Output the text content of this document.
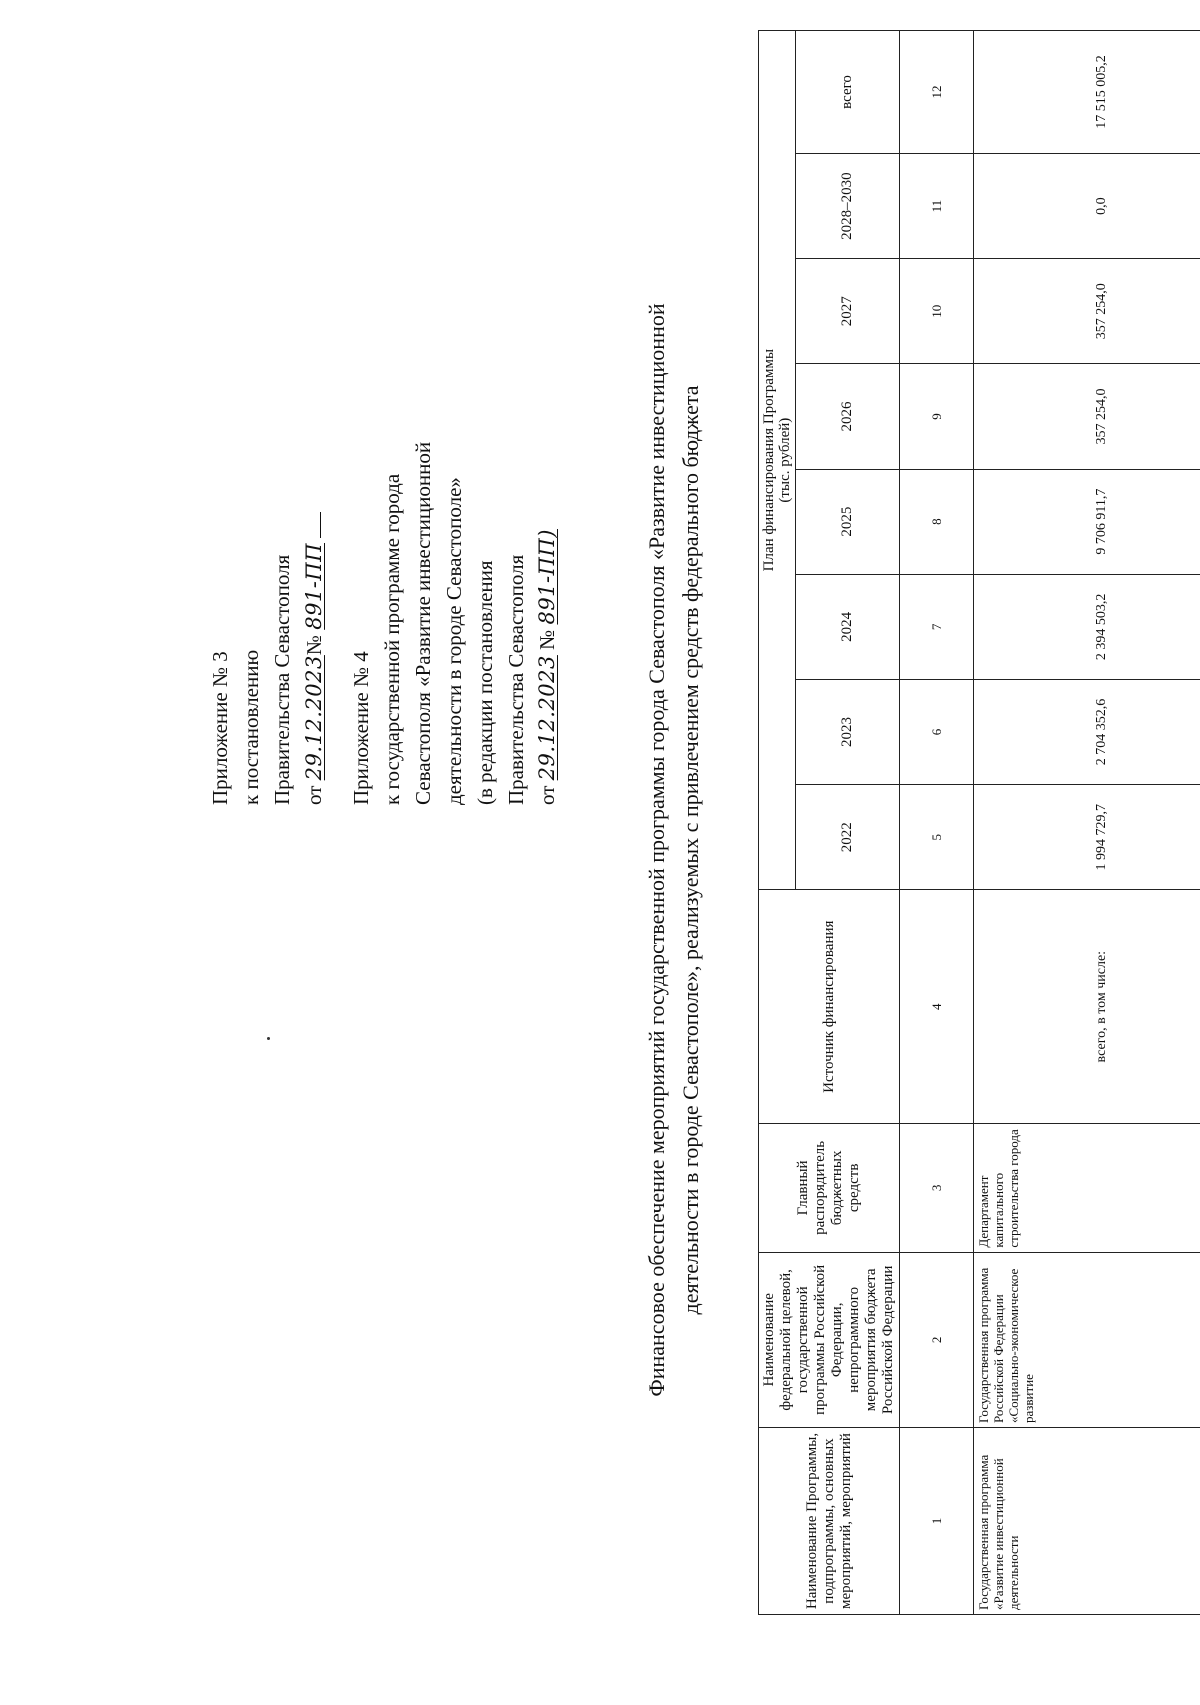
Приложение № 3 к постановлению Правительства Севастополя от 29.12.2023№ 891-ПП
Приложение № 4 к государственной программе города Севастополя «Развитие инвестиционной деятельности в городе Севастополе» (в редакции постановления Правительства Севастополя от 29.12.2023 № 891-ПП)	Финансовое обеспечение мероприятий государственной программы города Севастополя «Развитие инвестиционной деятельности в городе Севастополе», реализуемых с привлечением средств федерального бюджета
Наименование Программы, подпрограммы, основных мероприятий, мероприятий	Наименование федеральной целевой, государственной программы Российской Федерации, непрограммного мероприятия бюджета Российской Федерации	Главный распорядитель бюджетных средств	Источник финансирования	План финансирования Программы (тыс. рублей)							

				2022	2023	2024	2025	2026	2027	2028–2030	всего
1	2	3	4	5	6	7	8	9	10	11	12
Государственная программа «Развитие инвестиционной деятельности	Государственная программа Российской Федерации «Социально-экономическое развитие	Департамент капитального строительства города	всего, в том числе:	1 994 729,7	2 704 352,6	2 394 503,2	9 706 911,7	357 254,0	357 254,0	0,0	17 515 005,2
